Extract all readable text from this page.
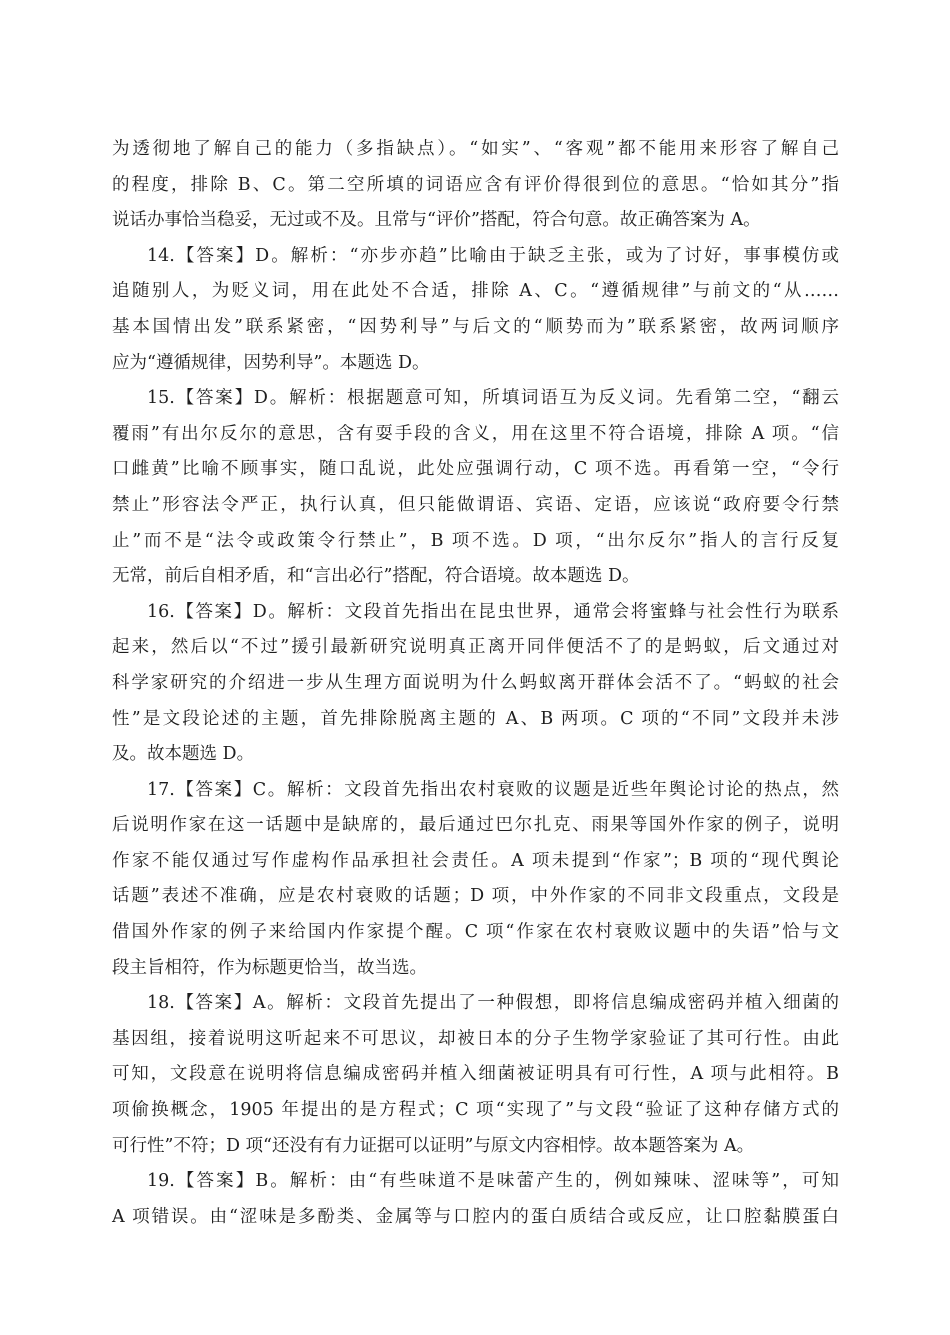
为透彻地了解自己的能力（多指缺点）。“如实”、“客观”都不能用来形容了解自己
的程度，排除 B、C。第二空所填的词语应含有评价得很到位的意思。“恰如其分”指
说话办事恰当稳妥，无过或不及。且常与“评价”搭配，符合句意。故正确答案为 A。
14.【答案】D。解析：“亦步亦趋”比喻由于缺乏主张，或为了讨好，事事模仿或
追随别人，为贬义词，用在此处不合适，排除 A、C。“遵循规律”与前文的“从……
基本国情出发”联系紧密，“因势利导”与后文的“顺势而为”联系紧密，故两词顺序
应为“遵循规律，因势利导”。本题选 D。
15.【答案】D。解析：根据题意可知，所填词语互为反义词。先看第二空，“翻云
覆雨”有出尔反尔的意思，含有耍手段的含义，用在这里不符合语境，排除 A 项。“信
口雌黄”比喻不顾事实，随口乱说，此处应强调行动，C 项不选。再看第一空，“令行
禁止”形容法令严正，执行认真，但只能做谓语、宾语、定语，应该说“政府要令行禁
止”而不是“法令或政策令行禁止”，B 项不选。D 项，“出尔反尔”指人的言行反复
无常，前后自相矛盾，和“言出必行”搭配，符合语境。故本题选 D。
16.【答案】D。解析：文段首先指出在昆虫世界，通常会将蜜蜂与社会性行为联系
起来，然后以“不过”援引最新研究说明真正离开同伴便活不了的是蚂蚁，后文通过对
科学家研究的介绍进一步从生理方面说明为什么蚂蚁离开群体会活不了。“蚂蚁的社会
性”是文段论述的主题，首先排除脱离主题的 A、B 两项。C 项的“不同”文段并未涉
及。故本题选 D。
17.【答案】C。解析：文段首先指出农村衰败的议题是近些年舆论讨论的热点，然
后说明作家在这一话题中是缺席的，最后通过巴尔扎克、雨果等国外作家的例子，说明
作家不能仅通过写作虚构作品承担社会责任。A 项未提到“作家”；B 项的“现代舆论
话题”表述不准确，应是农村衰败的话题；D 项，中外作家的不同非文段重点，文段是
借国外作家的例子来给国内作家提个醒。C 项“作家在农村衰败议题中的失语”恰与文
段主旨相符，作为标题更恰当，故当选。
18.【答案】A。解析：文段首先提出了一种假想，即将信息编成密码并植入细菌的
基因组，接着说明这听起来不可思议，却被日本的分子生物学家验证了其可行性。由此
可知，文段意在说明将信息编成密码并植入细菌被证明具有可行性，A 项与此相符。B
项偷换概念，1905 年提出的是方程式；C 项“实现了”与文段“验证了这种存储方式的
可行性”不符；D 项“还没有有力证据可以证明”与原文内容相悖。故本题答案为 A。
19.【答案】B。解析：由“有些味道不是味蕾产生的，例如辣味、涩味等”，可知
A 项错误。由“涩味是多酚类、金属等与口腔内的蛋白质结合或反应，让口腔黏膜蛋白
